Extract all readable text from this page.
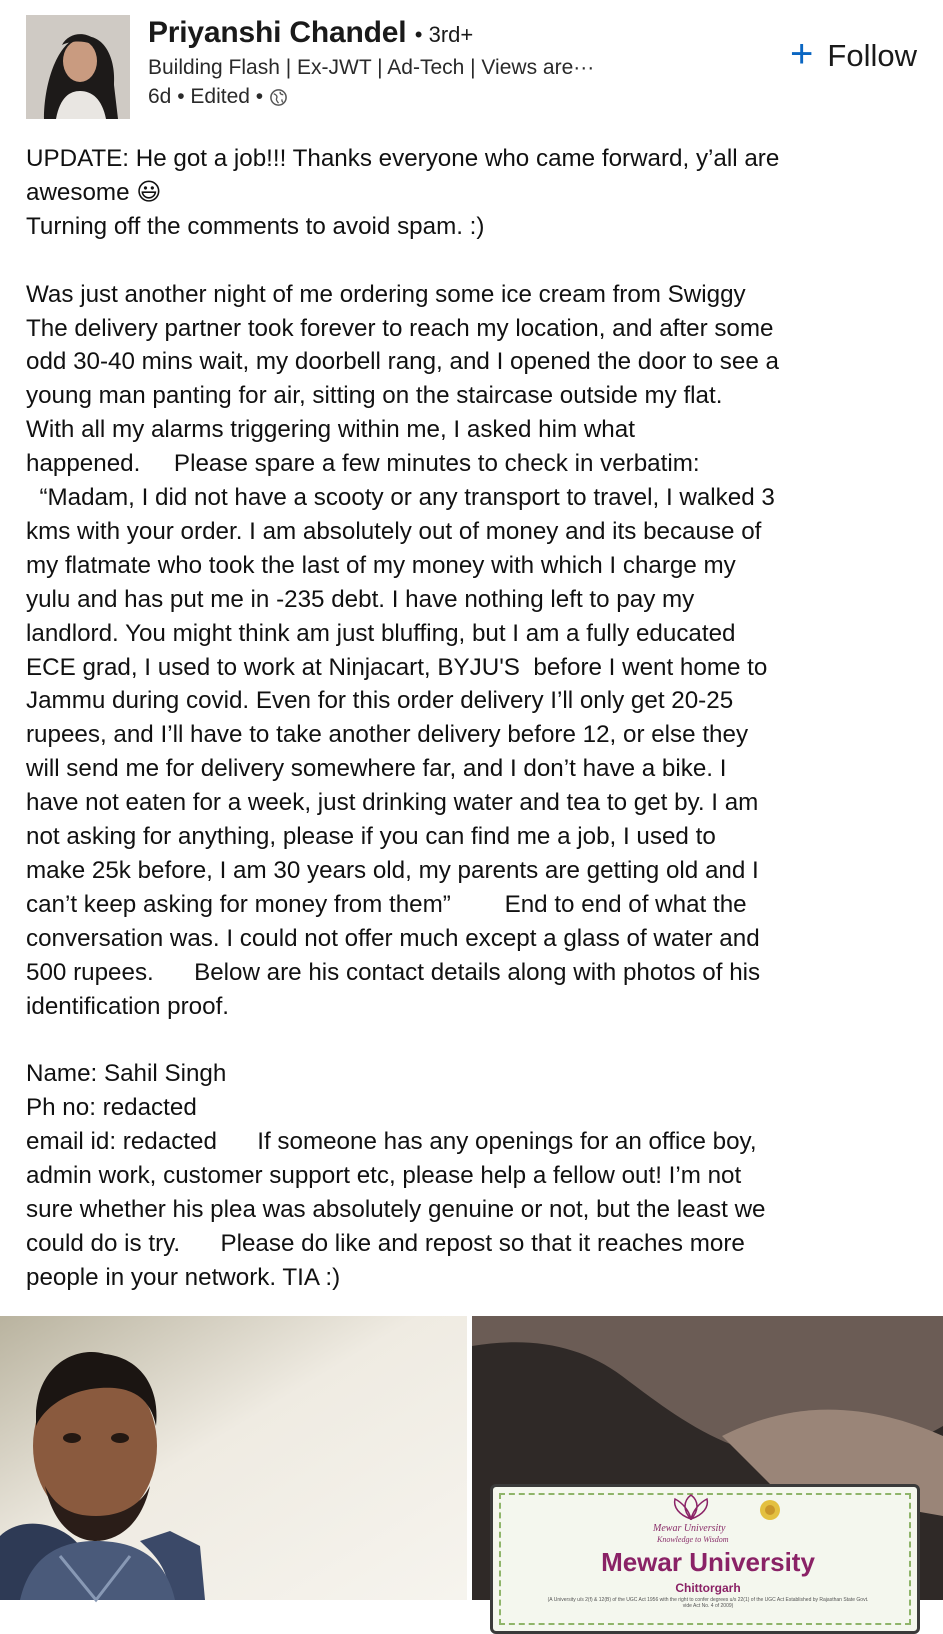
Priyanshi Chandel • 3rd+
Building Flash | Ex-JWT | Ad-Tech | Views are···
6d • Edited •
+ Follow

UPDATE: He got a job!!! Thanks everyone who came forward, y’all are

awesome 😃

Turning off the comments to avoid spam. :)

Was just another night of me ordering some ice cream from Swiggy
The delivery partner took forever to reach my location, and after some
odd 30-40 mins wait, my doorbell rang, and I opened the door to see a
young man panting for air, sitting on the staircase outside my flat.
With all my alarms triggering within me, I asked him what
happened.     Please spare a few minutes to check in verbatim:
“Madam, I did not have a scooty or any transport to travel, I walked 3
kms with your order. I am absolutely out of money and its because of
my flatmate who took the last of my money with which I charge my
yulu and has put me in -235 debt. I have nothing left to pay my
landlord. You might think am just bluffing, but I am a fully educated
ECE grad, I used to work at Ninjacart, BYJU'S  before I went home to
Jammu during covid. Even for this order delivery I’ll only get 20-25
rupees, and I’ll have to take another delivery before 12, or else they
will send me for delivery somewhere far, and I don’t have a bike. I
have not eaten for a week, just drinking water and tea to get by. I am
not asking for anything, please if you can find me a job, I used to
make 25k before, I am 30 years old, my parents are getting old and I
can’t keep asking for money from them”        End to end of what the
conversation was. I could not offer much except a glass of water and
500 rupees.      Below are his contact details along with photos of his
identification proof.

Name: Sahil Singh
Ph no: redacted
email id: redacted      If someone has any openings for an office boy,
admin work, customer support etc, please help a fellow out! I’m not
sure whether his plea was absolutely genuine or not, but the least we
could do is try.      Please do like and repost so that it reaches more
people in your network. TIA :)

Mewar University
Knowledge to Wisdom
Mewar University
Chittorgarh
(A University u/s 2(f) & 12(B) of the UGC Act 1956 with the right to confer degrees u/s 22(1) of the UGC Act Established by Rajasthan State Govt. vide Act No. 4 of 2009)
